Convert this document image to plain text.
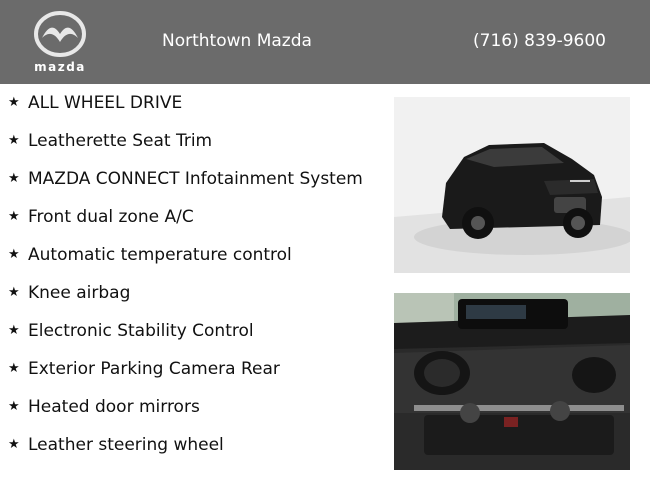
mazda
Northtown Mazda	(716) 839-9600
★ ALL WHEEL DRIVE
★ Leatherette Seat Trim
★ MAZDA CONNECT Infotainment System
★ Front dual zone A/C
★ Automatic temperature control
★ Knee airbag
★ Electronic Stability Control
★ Exterior Parking Camera Rear
★ Heated door mirrors
★ Leather steering wheel
